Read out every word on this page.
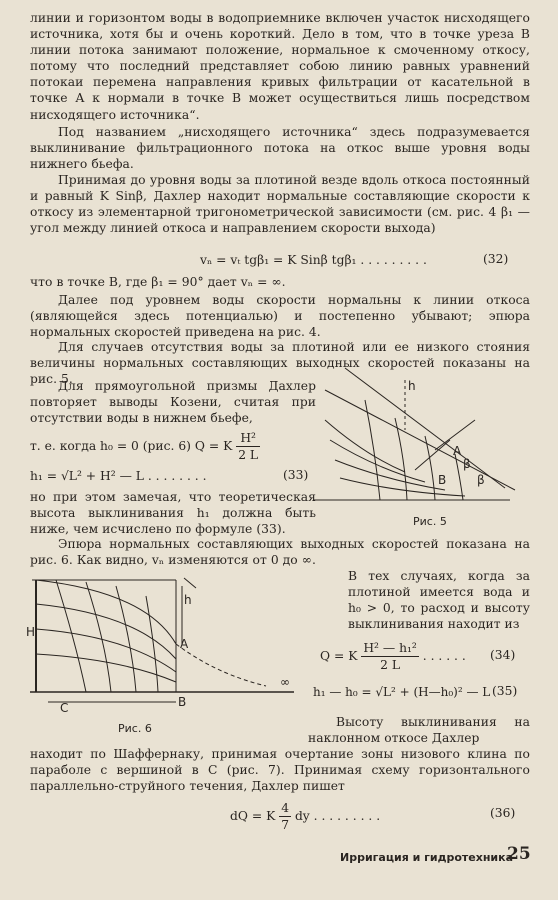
линии и горизонтом воды в водоприемнике включен участок нисходящего источника, хотя бы и очень короткий. Дело в том, что в точке уреза В линии потока занимают положение, нормальное к смоченному откосу, потому что последний представляет собою линию равных уравнений потокаи перемена направления кривых фильтрации от касательной в точке А к нормали в точке В может осуществиться лишь посредством нисходящего источника“.
Под названием „нисходящего источника“ здесь подразумевается выклинивание фильтрационного потока на откос выше уровня воды нижнего бьефа.
Принимая до уровня воды за плотиной везде вдоль откоса постоянный и равный K Sinβ, Дахлер находит нормальные составляющие скорости к откосу из элементарной тригонометрической зависимости (см. рис. 4 β₁ — угол между линией откоса и направлением скорости выхода)
vₙ = vₜ tgβ₁ = K Sinβ tgβ₁ . . . . . . . . .	(32)
что в точке В, где β₁ = 90° дает vₙ = ∞.
Далее под уровнем воды скорости нормальны к линии откоса (являющейся здесь потенциалью) и постепенно убывают; эпюра нормальных скоростей приведена на рис. 4.
Для случаев отсутствия воды за плотиной или ее низкого стояния величины нормальных составляющих выходных скоростей показаны на рис. 5.
Для прямоугольной призмы Дахлер повторяет выводы Козени, считая при отсутствии воды в нижнем бьефе,
т. е. когда h₀ = 0 (рис. 6) Q = K $\frac{\text{H²}}{2 L}$
h₁ = √L² + H² — L . . . . . . . .	(33)
но при этом замечая, что теоретическая высота выклинивания h₁ должна быть ниже, чем исчислено по формуле (33).
h
A
B
β
β
Рис. 5
Эпюра нормальных составляющих выходных скоростей показана на рис. 6. Как видно, vₙ изменяются от 0 до ∞.
В тех случаях, когда за плотиной имеется вода и h₀ > 0, то расход и высоту выклинивания находит из
H
h
A
B
C
∞
Рис. 6
Q = K $\frac{\text{H² — h₁²}}{2 L}$ . . . . . . (34)
h₁ — h₀ = √L² + (H—h₀)² — L (35)
Высоту выклинивания на наклонном откосе Дахлер
находит по Шаффернаку, принимая очертание зоны низового клина по параболе с вершиной в C (рис. 7). Принимая схему горизонтального параллельно-струйного течения, Дахлер пишет
dQ = K $\frac{4}{7}$ dy . . . . . . . . .	(36)
Ирригация и гидротехника
25
